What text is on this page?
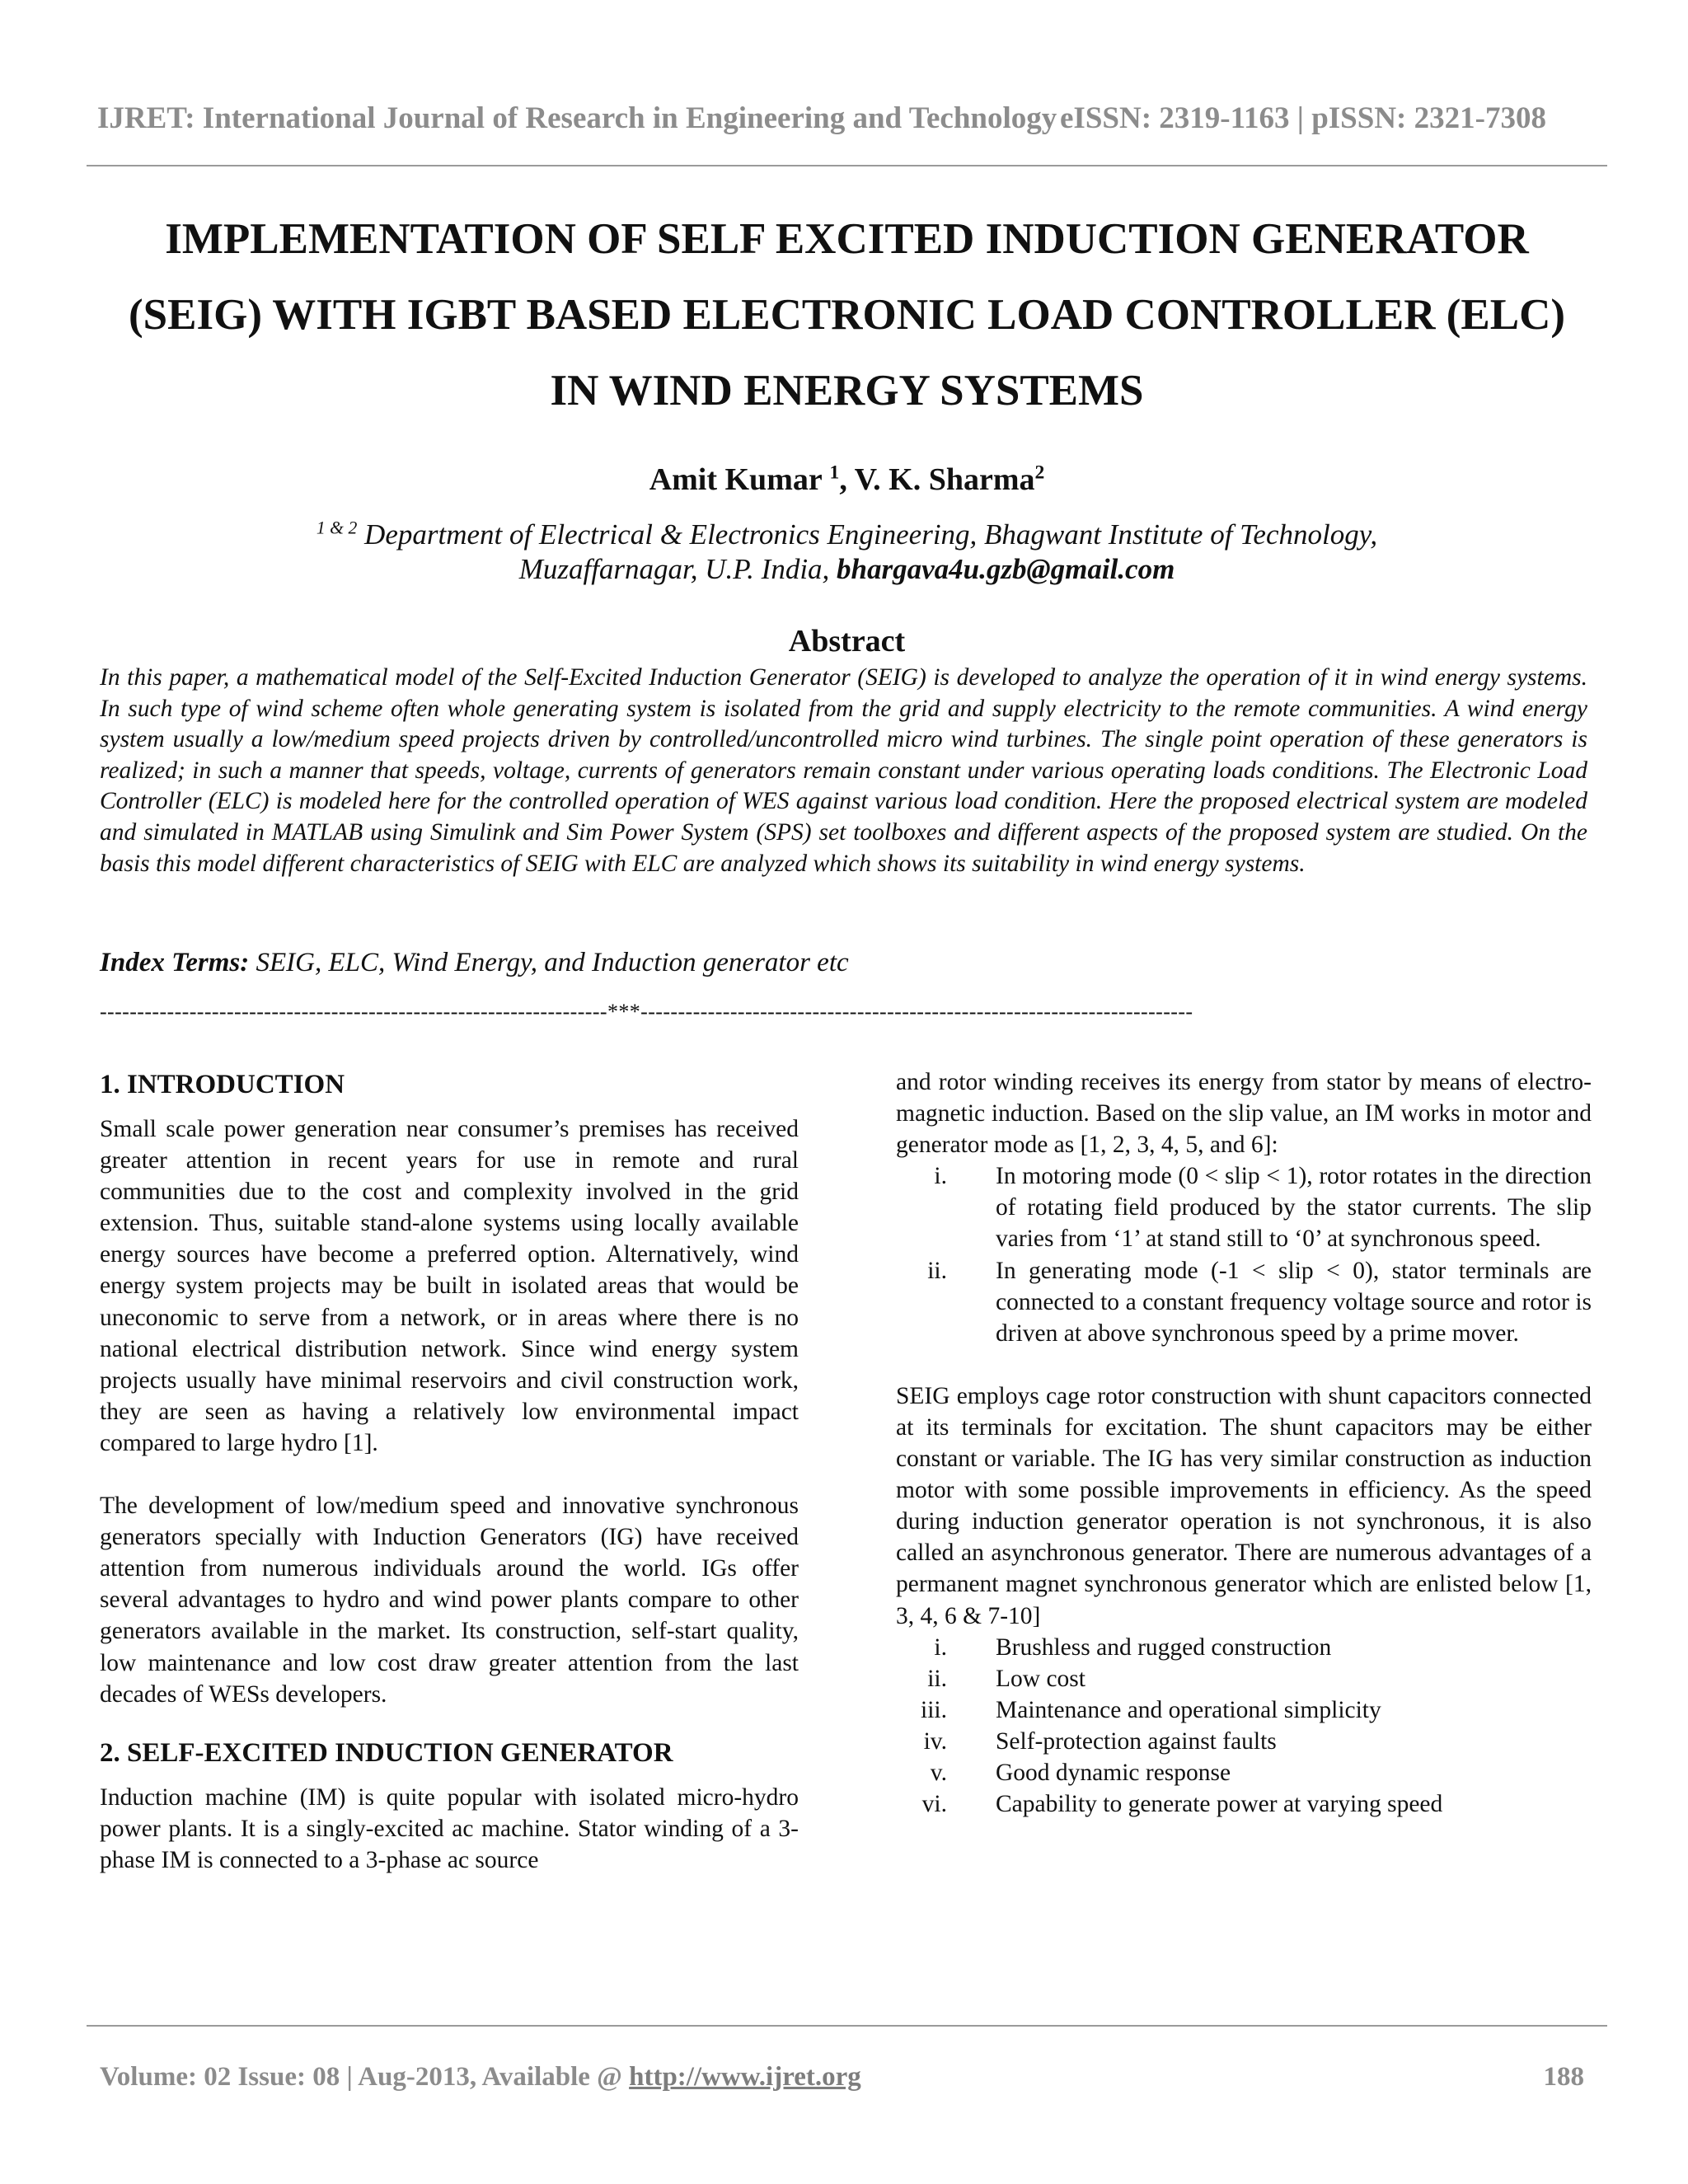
IJRET: International Journal of Research in Engineering and Technology eISSN: 2319-1163 | pISSN: 2321-7308
IMPLEMENTATION OF SELF EXCITED INDUCTION GENERATOR
(SEIG) WITH IGBT BASED ELECTRONIC LOAD CONTROLLER (ELC)
IN WIND ENERGY SYSTEMS
Amit Kumar $^1$, V. K. Sharma$^2$
$^{1 \& 2}$ Department of Electrical & Electronics Engineering, Bhagwant Institute of Technology,
Muzaffarnagar, U.P. India, bhargava4u.gzb@gmail.com
Abstract
In this paper, a mathematical model of the Self-Excited Induction Generator (SEIG) is developed to analyze the operation of it in wind energy systems. In such type of wind scheme often whole generating system is isolated from the grid and supply electricity to the remote communities. A wind energy system usually a low/medium speed projects driven by controlled/uncontrolled micro wind turbines. The single point operation of these generators is realized; in such a manner that speeds, voltage, currents of generators remain constant under various operating loads conditions. The Electronic Load Controller (ELC) is modeled here for the controlled operation of WES against various load condition. Here the proposed electrical system are modeled and simulated in MATLAB using Simulink and Sim Power System (SPS) set toolboxes and different aspects of the proposed system are studied. On the basis this model different characteristics of SEIG with ELC are analyzed which shows its suitability in wind energy systems.
Index Terms: SEIG, ELC, Wind Energy, and Induction generator etc
--------------------------------------------------------------------***--------------------------------------------------------------------------
1. INTRODUCTION

Small scale power generation near consumer’s premises has received greater attention in recent years for use in remote and rural communities due to the cost and complexity involved in the grid extension. Thus, suitable stand-alone systems using locally available energy sources have become a preferred option. Alternatively, wind energy system projects may be built in isolated areas that would be uneconomic to serve from a network, or in areas where there is no national electrical distribution network. Since wind energy system projects usually have minimal reservoirs and civil construction work, they are seen as having a relatively low environmental impact compared to large hydro [1].

The development of low/medium speed and innovative synchronous generators specially with Induction Generators (IG) have received attention from numerous individuals around the world. IGs offer several advantages to hydro and wind power plants compare to other generators available in the market. Its construction, self-start quality, low maintenance and low cost draw greater attention from the last decades of WESs developers.

2. SELF-EXCITED INDUCTION GENERATOR

Induction machine (IM) is quite popular with isolated micro-hydro power plants. It is a singly-excited ac machine. Stator winding of a 3-phase IM is connected to a 3-phase ac source

and rotor winding receives its energy from stator by means of electro-magnetic induction. Based on the slip value, an IM works in motor and generator mode as [1, 2, 3, 4, 5, and 6]:

i. In motoring mode (0 < slip < 1), rotor rotates in the direction of rotating field produced by the stator currents. The slip varies from ‘1’ at stand still to ‘0’ at synchronous speed.
ii. In generating mode (-1 < slip < 0), stator terminals are connected to a constant frequency voltage source and rotor is driven at above synchronous speed by a prime mover.

SEIG employs cage rotor construction with shunt capacitors connected at its terminals for excitation. The shunt capacitors may be either constant or variable. The IG has very similar construction as induction motor with some possible improvements in efficiency. As the speed during induction generator operation is not synchronous, it is also called an asynchronous generator. There are numerous advantages of a permanent magnet synchronous generator which are enlisted below [1, 3, 4, 6 & 7-10]

i. Brushless and rugged construction
ii. Low cost
iii. Maintenance and operational simplicity
iv. Self-protection against faults
v. Good dynamic response
vi. Capability to generate power at varying speed
Volume: 02 Issue: 08 | Aug-2013, Available @ http://www.ijret.org	188
